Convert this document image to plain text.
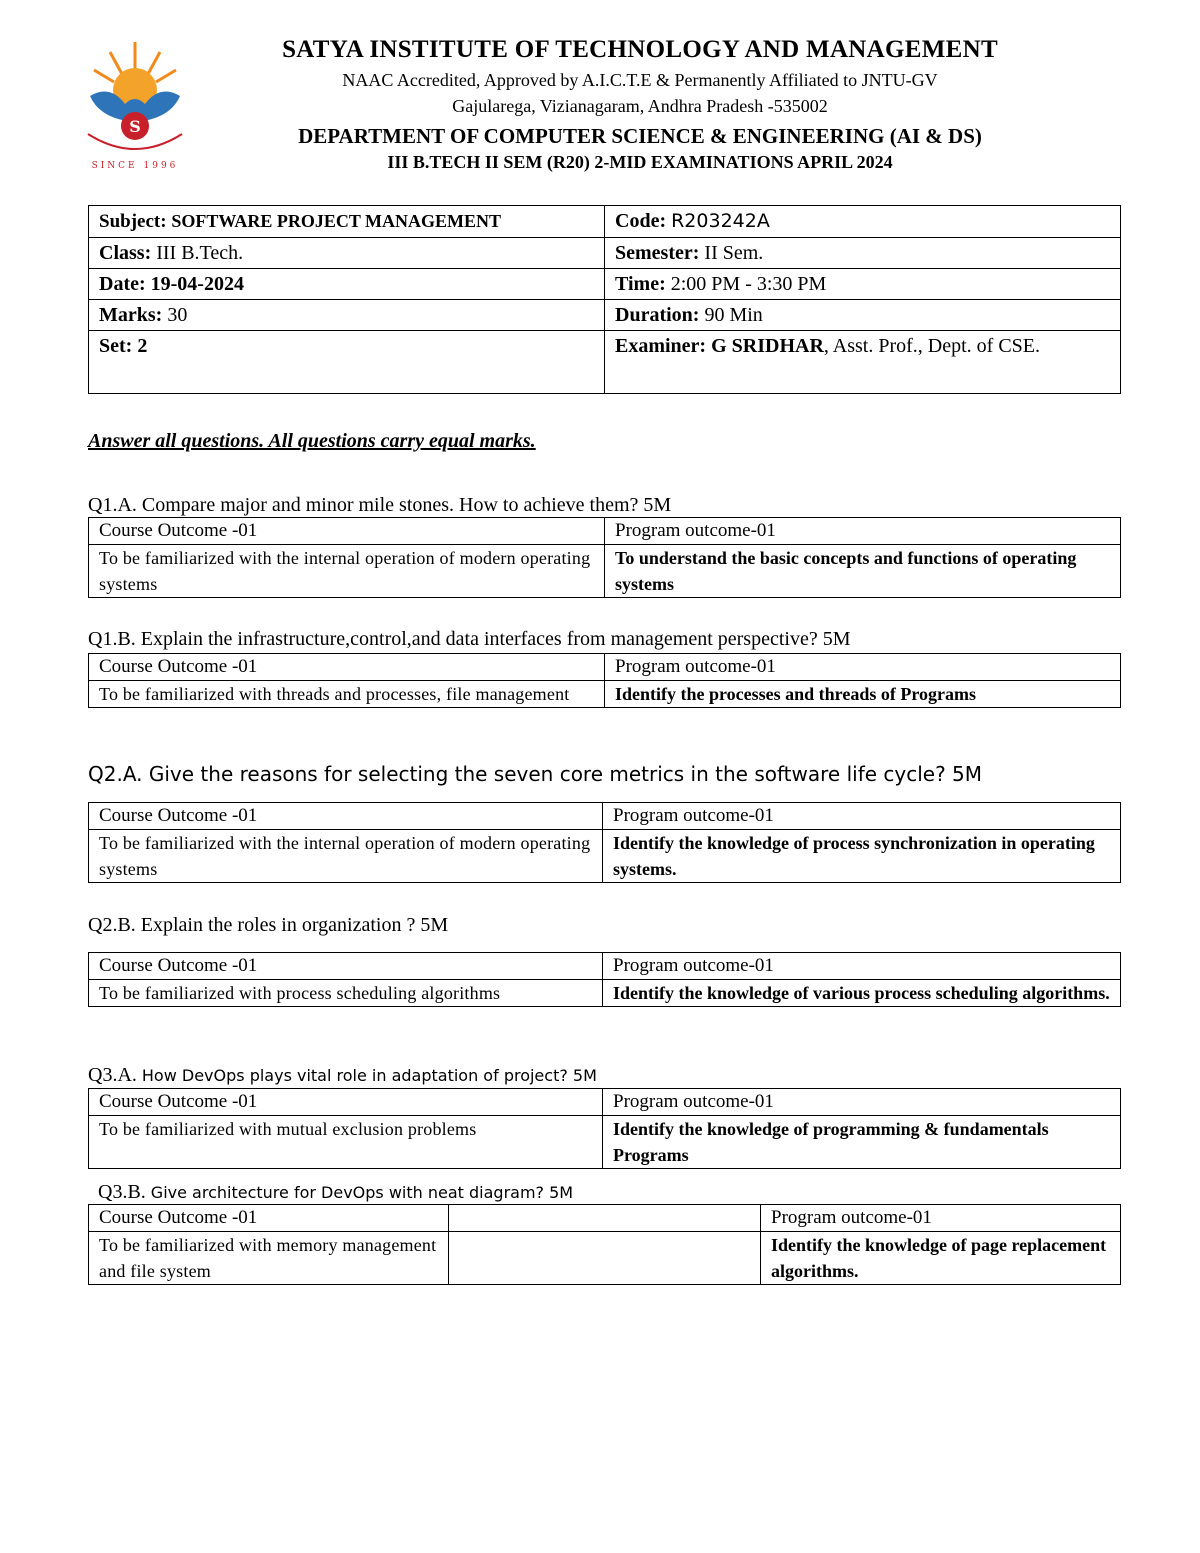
S
SINCE 1996
SATYA INSTITUTE OF TECHNOLOGY AND MANAGEMENT
NAAC Accredited, Approved by A.I.C.T.E & Permanently Affiliated to JNTU-GV
Gajularega, Vizianagaram, Andhra Pradesh -535002
DEPARTMENT OF COMPUTER SCIENCE & ENGINEERING (AI & DS)
III B.TECH II SEM (R20) 2-MID EXAMINATIONS APRIL 2024
Subject: SOFTWARE PROJECT MANAGEMENT	Code: R203242A
Class: III B.Tech.	Semester: II Sem.
Date: 19-04-2024	Time: 2:00 PM - 3:30 PM
Marks: 30	Duration: 90 Min
Set: 2	Examiner: G SRIDHAR, Asst. Prof., Dept. of CSE.
Answer all questions. All questions carry equal marks.
Q1.A. Compare major and minor mile stones. How to achieve them? 5M
Course Outcome -01	Program outcome-01
To be familiarized with the internal operation of modern operating systems	To understand the basic concepts and functions of operating systems
Q1.B. Explain the infrastructure,control,and data interfaces from management perspective? 5M
Course Outcome -01	Program outcome-01
To be familiarized with threads and processes, file management	Identify the processes and threads of Programs
Q2.A. Give the reasons for selecting the seven core metrics in the software life cycle? 5M
Course Outcome -01	Program outcome-01
To be familiarized with the internal operation of modern operating systems	Identify the knowledge of process synchronization in operating systems.
Q2.B. Explain the roles in organization ? 5M
Course Outcome -01	Program outcome-01
To be familiarized with process scheduling algorithms	Identify the knowledge of various process scheduling algorithms.
Q3.A. How DevOps plays vital role in adaptation of project? 5M
Course Outcome -01	Program outcome-01
To be familiarized with mutual exclusion problems	Identify the knowledge of programming & fundamentals Programs
Q3.B. Give architecture for DevOps with neat diagram? 5M
Course Outcome -01		Program outcome-01
To be familiarized with memory management and file system		Identify the knowledge of page replacement algorithms.
